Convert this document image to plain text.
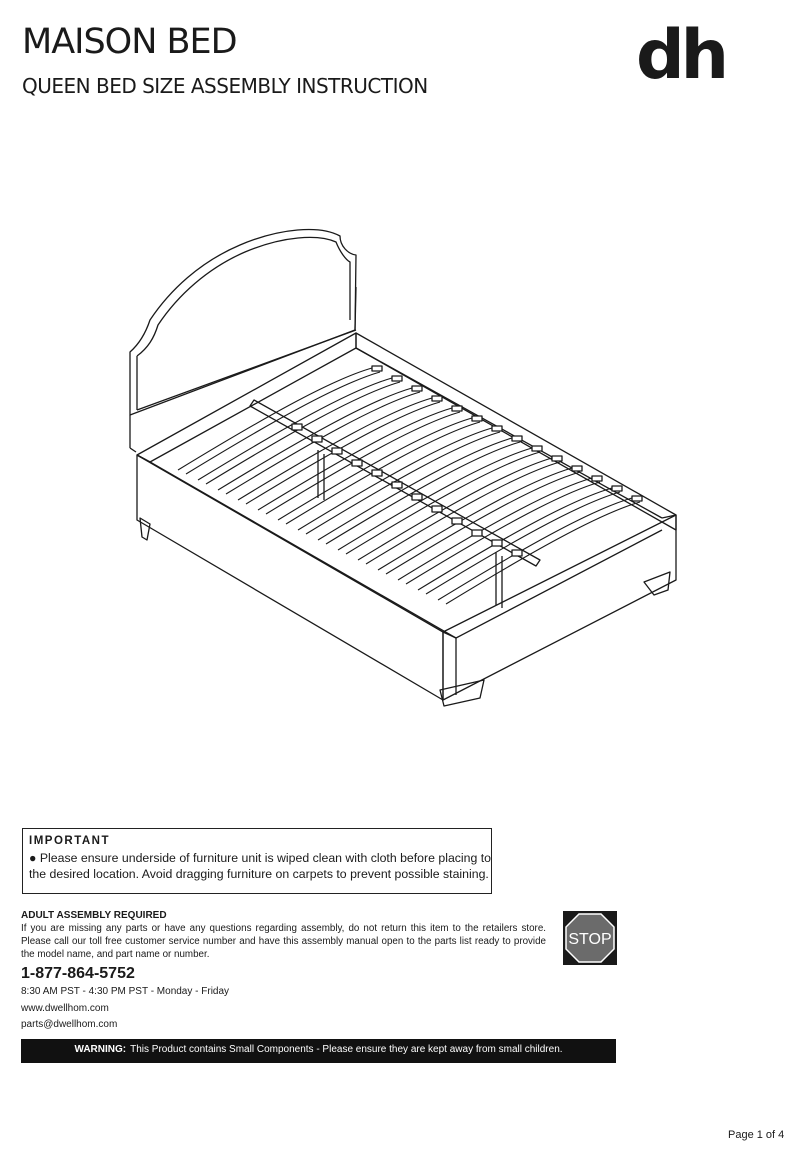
MAISON BED
QUEEN BED SIZE ASSEMBLY INSTRUCTION	dh
IMPORTANT
● Please ensure underside of furniture unit is wiped clean with cloth before placing to the desired location. Avoid dragging furniture on carpets to prevent possible staining.
ADULT ASSEMBLY REQUIRED
If you are missing any parts or have any questions regarding assembly, do not return this item to the retailers store. Please call our toll free customer service number and have this assembly manual open to the parts list ready to provide the model name, and part name or number.
1-877-864-5752
8:30 AM PST - 4:30 PM PST - Monday - Friday
www.dwellhom.com
parts@dwellhom.com
STOP
WARNING: This Product contains Small Components - Please ensure they are kept away from small children.
Page 1 of 4
